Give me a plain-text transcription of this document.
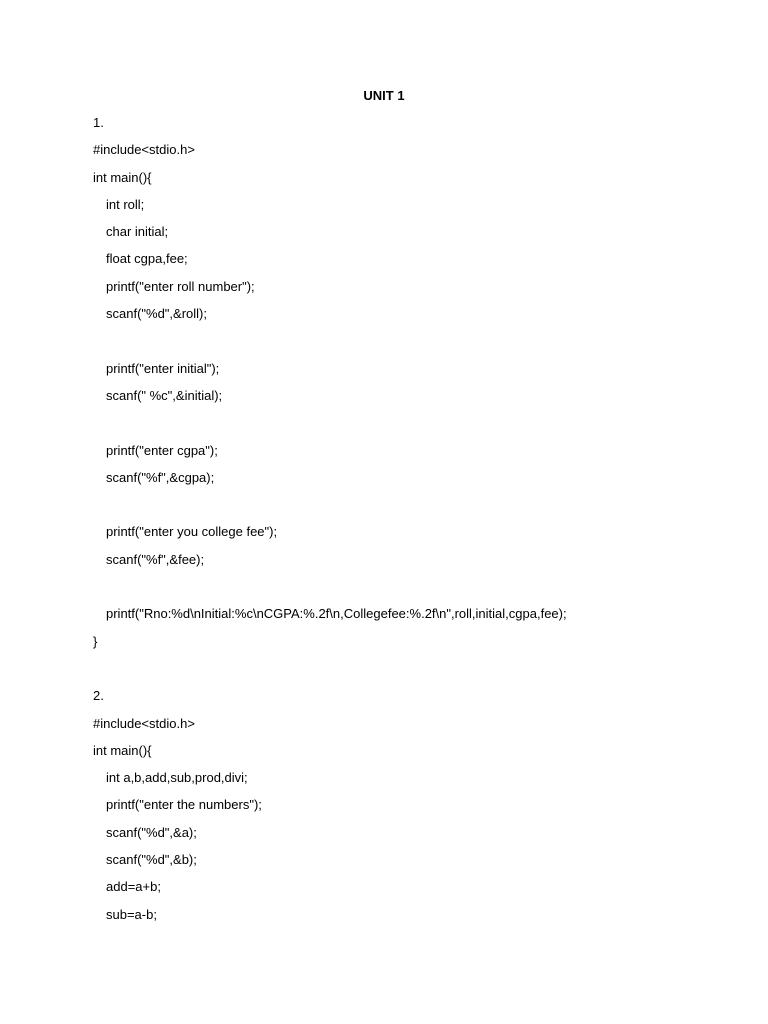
UNIT 1
1.
#include<stdio.h>
int main(){
int roll;
char initial;
float cgpa,fee;
printf("enter roll number");
scanf("%d",&roll);
printf("enter initial");
scanf(" %c",&initial);
printf("enter cgpa");
scanf("%f",&cgpa);
printf("enter you college fee");
scanf("%f",&fee);
printf("Rno:%d\nInitial:%c\nCGPA:%.2f\n,Collegefee:%.2f\n",roll,initial,cgpa,fee);
}
2.
#include<stdio.h>
int main(){
int a,b,add,sub,prod,divi;
printf("enter the numbers");
scanf("%d",&a);
scanf("%d",&b);
add=a+b;
sub=a-b;
